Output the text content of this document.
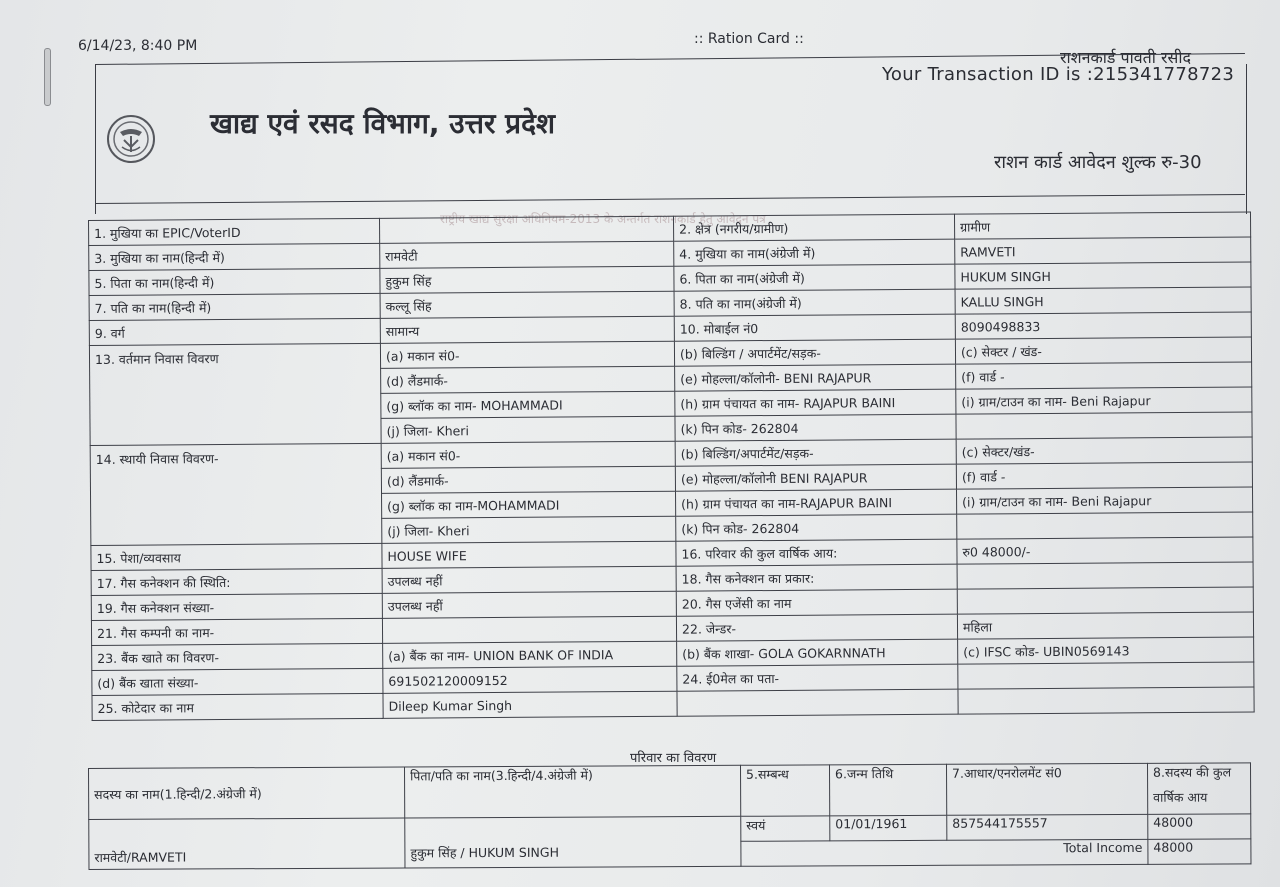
6/14/23, 8:40 PM	:: Ration Card ::
राशनकार्ड पावती रसीद
Your Transaction ID is :215341778723
खाद्य एवं रसद विभाग, उत्तर प्रदेश
राशन कार्ड आवेदन शुल्क रु-30
राष्ट्रीय खाद्य सुरक्षा अधिनियम-2013 के अन्तर्गत राशनकार्ड हेतु आवेदन पत्र
1. मुखिया का EPIC/VoterID		2. क्षेत्र (नगरीय/ग्रामीण)	ग्रामीण
3. मुखिया का नाम(हिन्दी में)	रामवेटी	4. मुखिया का नाम(अंग्रेजी में)	RAMVETI
5. पिता का नाम(हिन्दी में)	हुकुम सिंह	6. पिता का नाम(अंग्रेजी में)	HUKUM SINGH
7. पति का नाम(हिन्दी में)	कल्लू सिंह	8. पति का नाम(अंग्रेजी में)	KALLU SINGH
9. वर्ग	सामान्य	10. मोबाईल नं0	8090498833
13. वर्तमान निवास विवरण	(a) मकान सं0-	(b) बिल्डिंग / अपार्टमेंट/सड़क-	(c) सेक्टर / खंड-
	(d) लैंडमार्क-	(e) मोहल्ला/कॉलोनी- BENI RAJAPUR	(f) वार्ड -
	(g) ब्लॉक का नाम- MOHAMMADI	(h) ग्राम पंचायत का नाम- RAJAPUR BAINI	(i) ग्राम/टाउन का नाम- Beni Rajapur
	(j) जिला- Kheri	(k) पिन कोड- 262804	
14. स्थायी निवास विवरण-	(a) मकान सं0-	(b) बिल्डिंग/अपार्टमेंट/सड़क-	(c) सेक्टर/खंड-
	(d) लैंडमार्क-	(e) मोहल्ला/कॉलोनी BENI RAJAPUR	(f) वार्ड -
	(g) ब्लॉक का नाम-MOHAMMADI	(h) ग्राम पंचायत का नाम-RAJAPUR BAINI	(i) ग्राम/टाउन का नाम- Beni Rajapur
	(j) जिला- Kheri	(k) पिन कोड- 262804	
15. पेशा/व्यवसाय	HOUSE WIFE	16. परिवार की कुल वार्षिक आय:	रु0 48000/-
17. गैस कनेक्शन की स्थिति:	उपलब्ध नहीं	18. गैस कनेक्शन का प्रकार:	
19. गैस कनेक्शन संख्या-	उपलब्ध नहीं	20. गैस एजेंसी का नाम	
21. गैस कम्पनी का नाम-		22. जेन्डर-	महिला
23. बैंक खाते का विवरण-	(a) बैंक का नाम- UNION BANK OF INDIA	(b) बैंक शाखा- GOLA GOKARNNATH	(c) IFSC कोड- UBIN0569143
(d) बैंक खाता संख्या-	691502120009152	24. ई0मेल का पता-	
25. कोटेदार का नाम	Dileep Kumar Singh		
परिवार का विवरण
सदस्य का नाम(1.हिन्दी/2.अंग्रेजी में)	पिता/पति का नाम(3.हिन्दी/4.अंग्रेजी में)	5.सम्बन्ध	6.जन्म तिथि	7.आधार/एनरोलमेंट सं0	8.सदस्य की कुल
वार्षिक आय

रामवेटी/RAMVETI	हुकुम सिंह / HUKUM SINGH	स्वयं	01/01/1961	857544175557	48000
		Total Income			48000
